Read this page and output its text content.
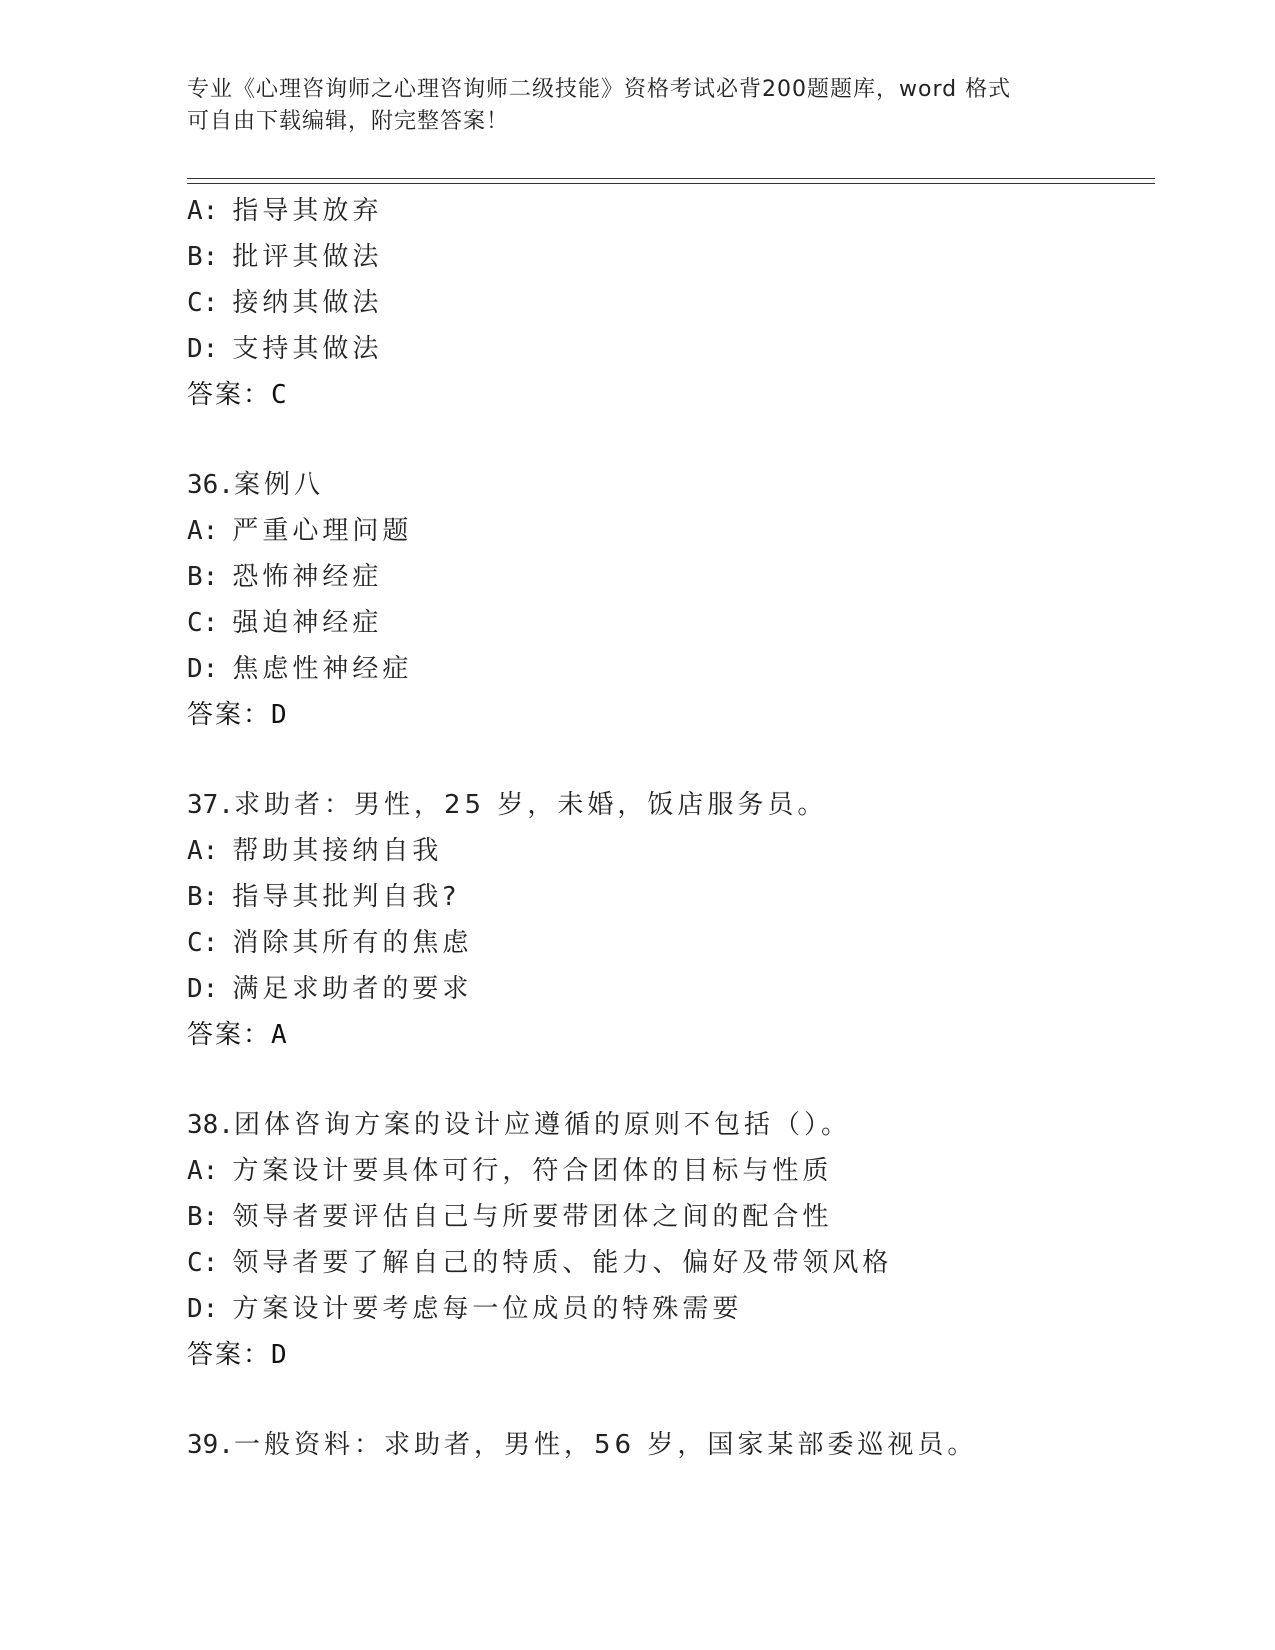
专业《心理咨询师之心理咨询师二级技能》资格考试必背200题题库，word 格式
可自由下载编辑，附完整答案！
A: 指导其放弃
B: 批评其做法
C: 接纳其做法
D: 支持其做法
答案：C
36.案例八
A: 严重心理问题
B: 恐怖神经症
C: 强迫神经症
D: 焦虑性神经症
答案：D
37.求助者：男性，25 岁，未婚，饭店服务员。
A: 帮助其接纳自我
B: 指导其批判自我?
C: 消除其所有的焦虑
D: 满足求助者的要求
答案：A
38.团体咨询方案的设计应遵循的原则不包括（）。
A: 方案设计要具体可行，符合团体的目标与性质
B: 领导者要评估自己与所要带团体之间的配合性
C: 领导者要了解自己的特质、能力、偏好及带领风格
D: 方案设计要考虑每一位成员的特殊需要
答案：D
39.一般资料：求助者，男性，56 岁，国家某部委巡视员。
